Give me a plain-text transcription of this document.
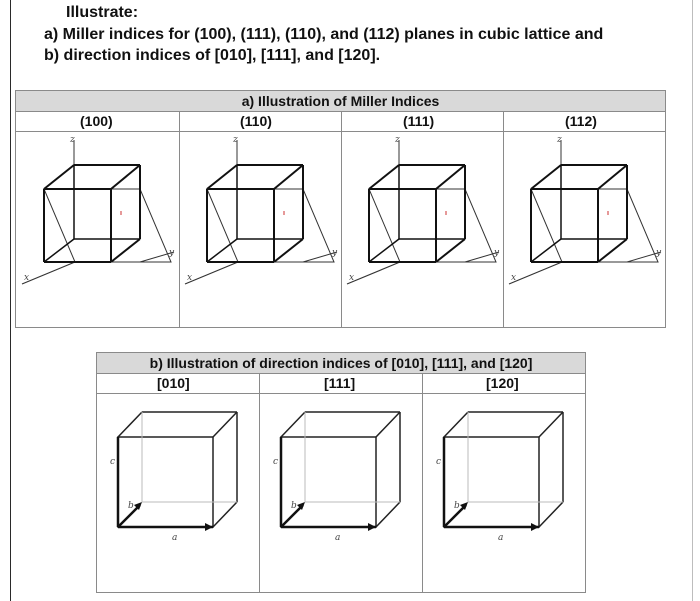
Illustrate:
a) Miller indices for (100), (111), (110), and (112) planes in cubic lattice and
b) direction indices of [010], [111], and [120].
a) Illustration of Miller Indices			

(100)	(110)	(111)	(112)

z
x
y	z
x
y	z
x
y	z
x
y
b) Illustration of direction indices of [010], [111], and [120]		

[010]	[111]	[120]

c
b
a	c
b
a	c
b
a
